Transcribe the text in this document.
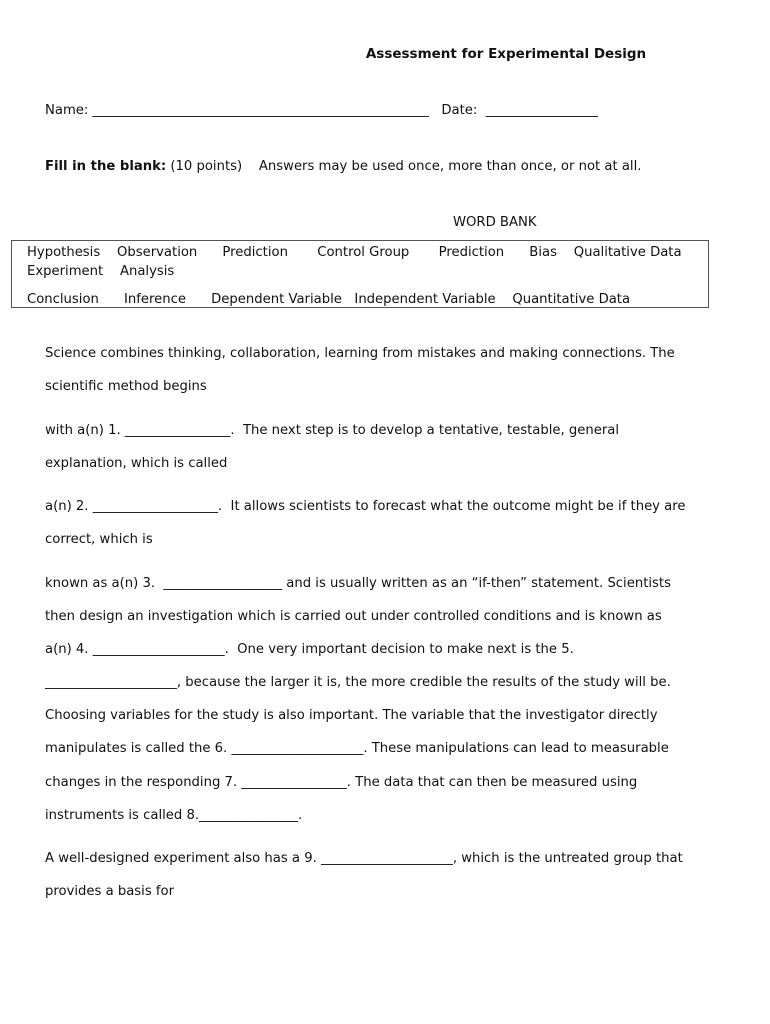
Assessment for Experimental Design
Name: ___________________________________________________   Date:  _________________
Fill in the blank: (10 points)    Answers may be used once, more than once, or not at all.
WORD BANK
Hypothesis    Observation      Prediction       Control Group       Prediction      Bias    Qualitative Data
Experiment    Analysis
Conclusion      Inference      Dependent Variable   Independent Variable    Quantitative Data
Science combines thinking, collaboration, learning from mistakes and making connections. The
scientific method begins
with a(n) 1. ________________.  The next step is to develop a tentative, testable, general
explanation, which is called
a(n) 2. ___________________.  It allows scientists to forecast what the outcome might be if they are
correct, which is
known as a(n) 3.  __________________ and is usually written as an “if-then” statement. Scientists
then design an investigation which is carried out under controlled conditions and is known as
a(n) 4. ____________________.  One very important decision to make next is the 5.
____________________, because the larger it is, the more credible the results of the study will be.
Choosing variables for the study is also important. The variable that the investigator directly
manipulates is called the 6. ____________________. These manipulations can lead to measurable
changes in the responding 7. ________________. The data that can then be measured using
instruments is called 8._______________.
A well-designed experiment also has a 9. ____________________, which is the untreated group that
provides a basis for
